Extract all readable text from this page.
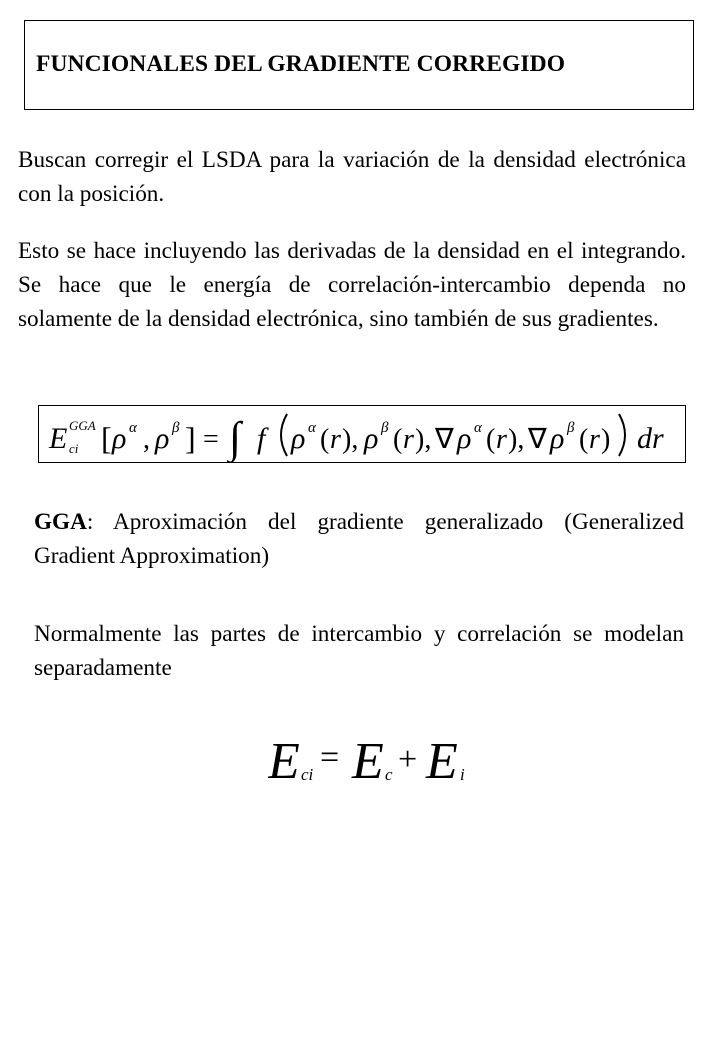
FUNCIONALES DEL GRADIENTE CORREGIDO
Buscan corregir el LSDA para la variación de la densidad electrónica con la posición.
Esto se hace incluyendo las derivadas de la densidad en el integrando. Se hace que le energía de correlación-intercambio dependa no solamente de la densidad electrónica, sino también de sus gradientes.
E ci
GGA [ ρ α , ρ β ] = ∫ f ρ α ( r ), ρ β ( r ), ∇ ρ α ( r ), ∇ ρ β ( r ) dr
GGA: Aproximación del gradiente generalizado (Generalized Gradient Approximation)
Normalmente las partes de intercambio y correlación se modelan separadamente
E ci = E c + E i
